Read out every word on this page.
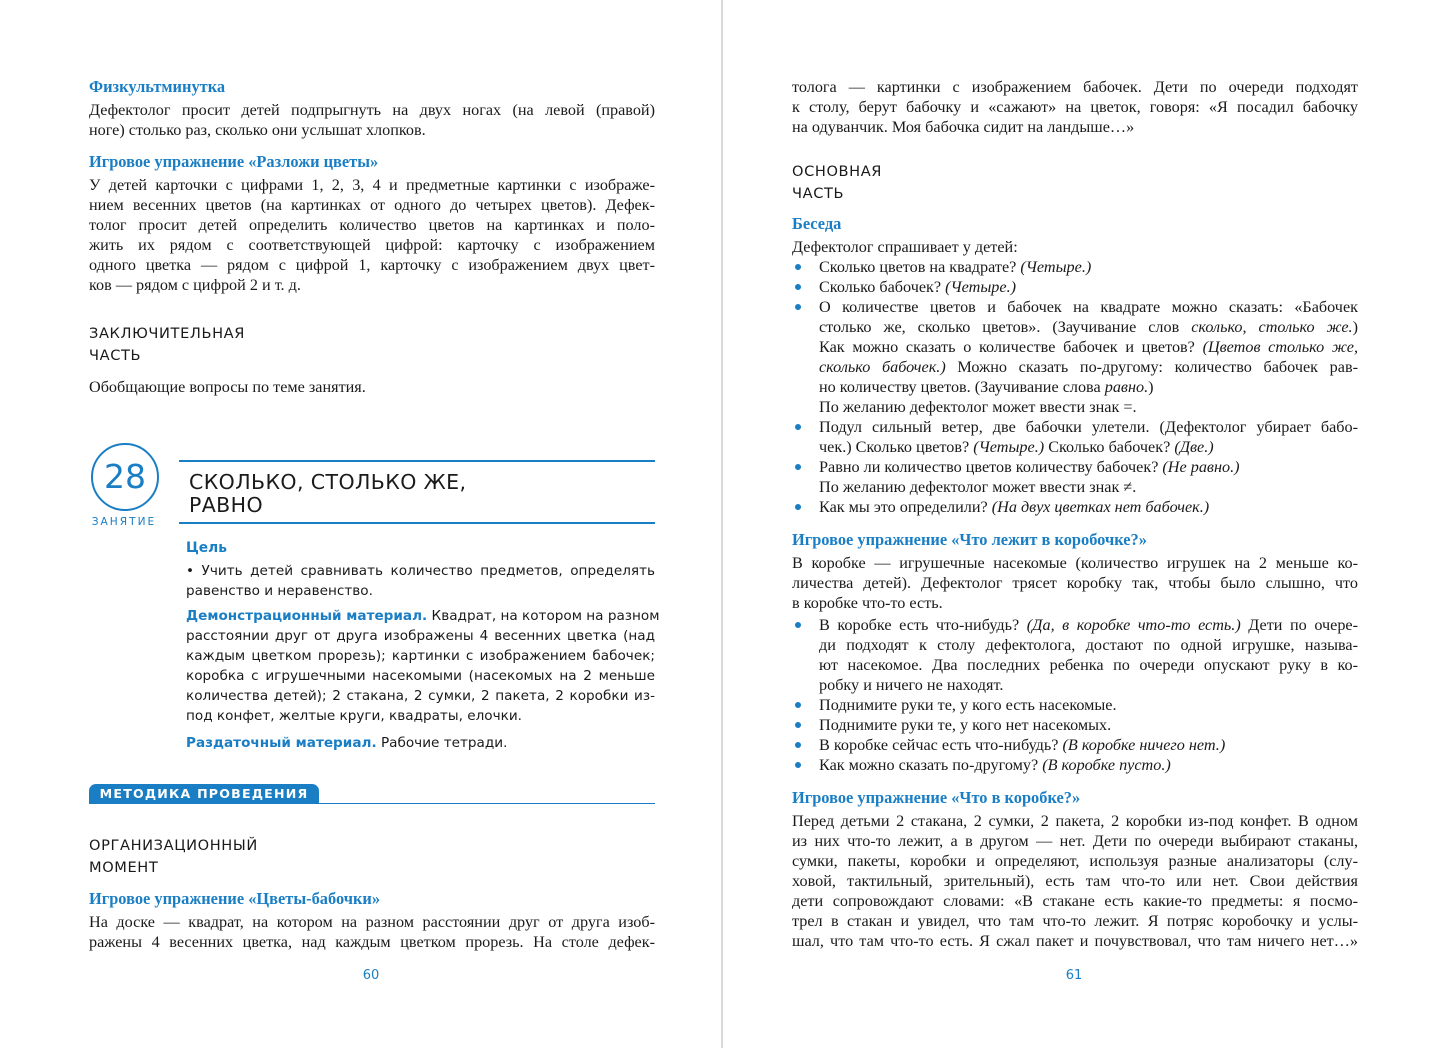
Физкультминутка
Дефектолог просит детей подпрыгнуть на двух ногах (на левой (правой)
ноге) столько раз, сколько они услышат хлопков.
Игровое упражнение «Разложи цветы»
У детей карточки с цифрами 1, 2, 3, 4 и предметные картинки с изображе-
нием весенних цветов (на картинках от одного до четырех цветов). Дефек-
толог просит детей определить количество цветов на картинках и поло-
жить их рядом с соответствующей цифрой: карточку с изображением
одного цветка — рядом с цифрой 1, карточку с изображением двух цвет-
ков — рядом с цифрой 2 и т. д.
ЗАКЛЮЧИТЕЛЬНАЯ
ЧАСТЬ
Обобщающие вопросы по теме занятия.
28
ЗАНЯТИЕ
СКОЛЬКО, СТОЛЬКО ЖЕ,
РАВНО
Цель
• Учить детей сравнивать количество предметов, определять
равенство и неравенство.
Демонстрационный материал. Квадрат, на котором на разном
расстоянии друг от друга изображены 4 весенних цветка (над
каждым цветком прорезь); картинки с изображением бабочек;
коробка с игрушечными насекомыми (насекомых на 2 меньше
количества детей); 2 стакана, 2 сумки, 2 пакета, 2 коробки из-
под конфет, желтые круги, квадраты, елочки.
Раздаточный материал. Рабочие тетради.
МЕТОДИКА ПРОВЕДЕНИЯ
ОРГАНИЗАЦИОННЫЙ
МОМЕНТ
Игровое упражнение «Цветы-бабочки»
На доске — квадрат, на котором на разном расстоянии друг от друга изоб-
ражены 4 весенних цветка, над каждым цветком прорезь. На столе дефек-
60
толога — картинки с изображением бабочек. Дети по очереди подходят
к столу, берут бабочку и «сажают» на цветок, говоря: «Я посадил бабочку
на одуванчик. Моя бабочка сидит на ландыше…»
ОСНОВНАЯ
ЧАСТЬ
Беседа
Дефектолог спрашивает у детей:
Сколько цветов на квадрате? (Четыре.)
Сколько бабочек? (Четыре.)
О количестве цветов и бабочек на квадрате можно сказать: «Бабочек
столько же, сколько цветов». (Заучивание слов сколько, столько же.)
Как можно сказать о количестве бабочек и цветов? (Цветов столько же,
сколько бабочек.) Можно сказать по-другому: количество бабочек рав-
но количеству цветов. (Заучивание слова равно.)
По желанию дефектолог может ввести знак =.
Подул сильный ветер, две бабочки улетели. (Дефектолог убирает бабо-
чек.) Сколько цветов? (Четыре.) Сколько бабочек? (Две.)
Равно ли количество цветов количеству бабочек? (Не равно.)
По желанию дефектолог может ввести знак ≠.
Как мы это определили? (На двух цветках нет бабочек.)
Игровое упражнение «Что лежит в коробочке?»
В коробке — игрушечные насекомые (количество игрушек на 2 меньше ко-
личества детей). Дефектолог трясет коробку так, чтобы было слышно, что
в коробке что-то есть.
В коробке есть что-нибудь? (Да, в коробке что-то есть.) Дети по очере-
ди подходят к столу дефектолога, достают по одной игрушке, называ-
ют насекомое. Два последних ребенка по очереди опускают руку в ко-
робку и ничего не находят.
Поднимите руки те, у кого есть насекомые.
Поднимите руки те, у кого нет насекомых.
В коробке сейчас есть что-нибудь? (В коробке ничего нет.)
Как можно сказать по-другому? (В коробке пусто.)
Игровое упражнение «Что в коробке?»
Перед детьми 2 стакана, 2 сумки, 2 пакета, 2 коробки из-под конфет. В одном
из них что-то лежит, а в другом — нет. Дети по очереди выбирают стаканы,
сумки, пакеты, коробки и определяют, используя разные анализаторы (слу-
ховой, тактильный, зрительный), есть там что-то или нет. Свои действия
дети сопровождают словами: «В стакане есть какие-то предметы: я посмо-
трел в стакан и увидел, что там что-то лежит. Я потряс коробочку и услы-
шал, что там что-то есть. Я сжал пакет и почувствовал, что там ничего нет…»
61
